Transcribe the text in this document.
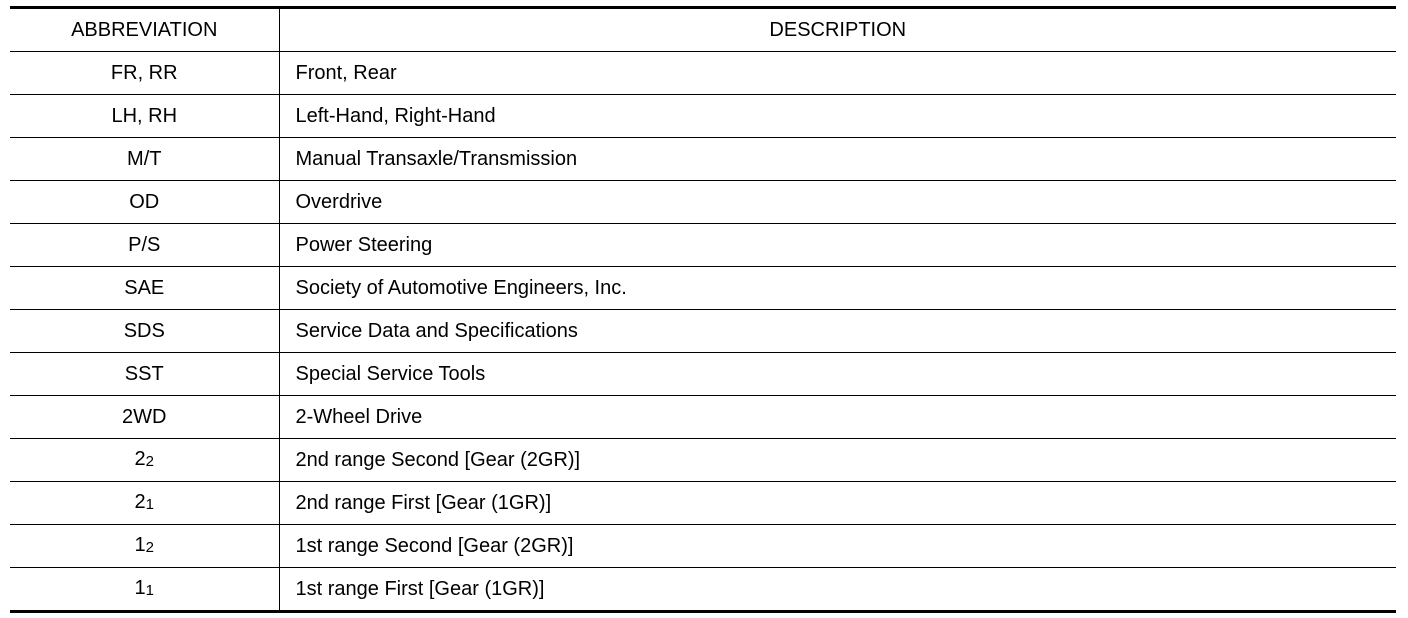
ABBREVIATION	DESCRIPTION
FR, RR	Front, Rear
LH, RH	Left-Hand, Right-Hand
M/T	Manual Transaxle/Transmission
OD	Overdrive
P/S	Power Steering
SAE	Society of Automotive Engineers, Inc.
SDS	Service Data and Specifications
SST	Special Service Tools
2WD	2-Wheel Drive
22	2nd range Second [Gear (2GR)]
21	2nd range First [Gear (1GR)]
12	1st range Second [Gear (2GR)]
11	1st range First [Gear (1GR)]
